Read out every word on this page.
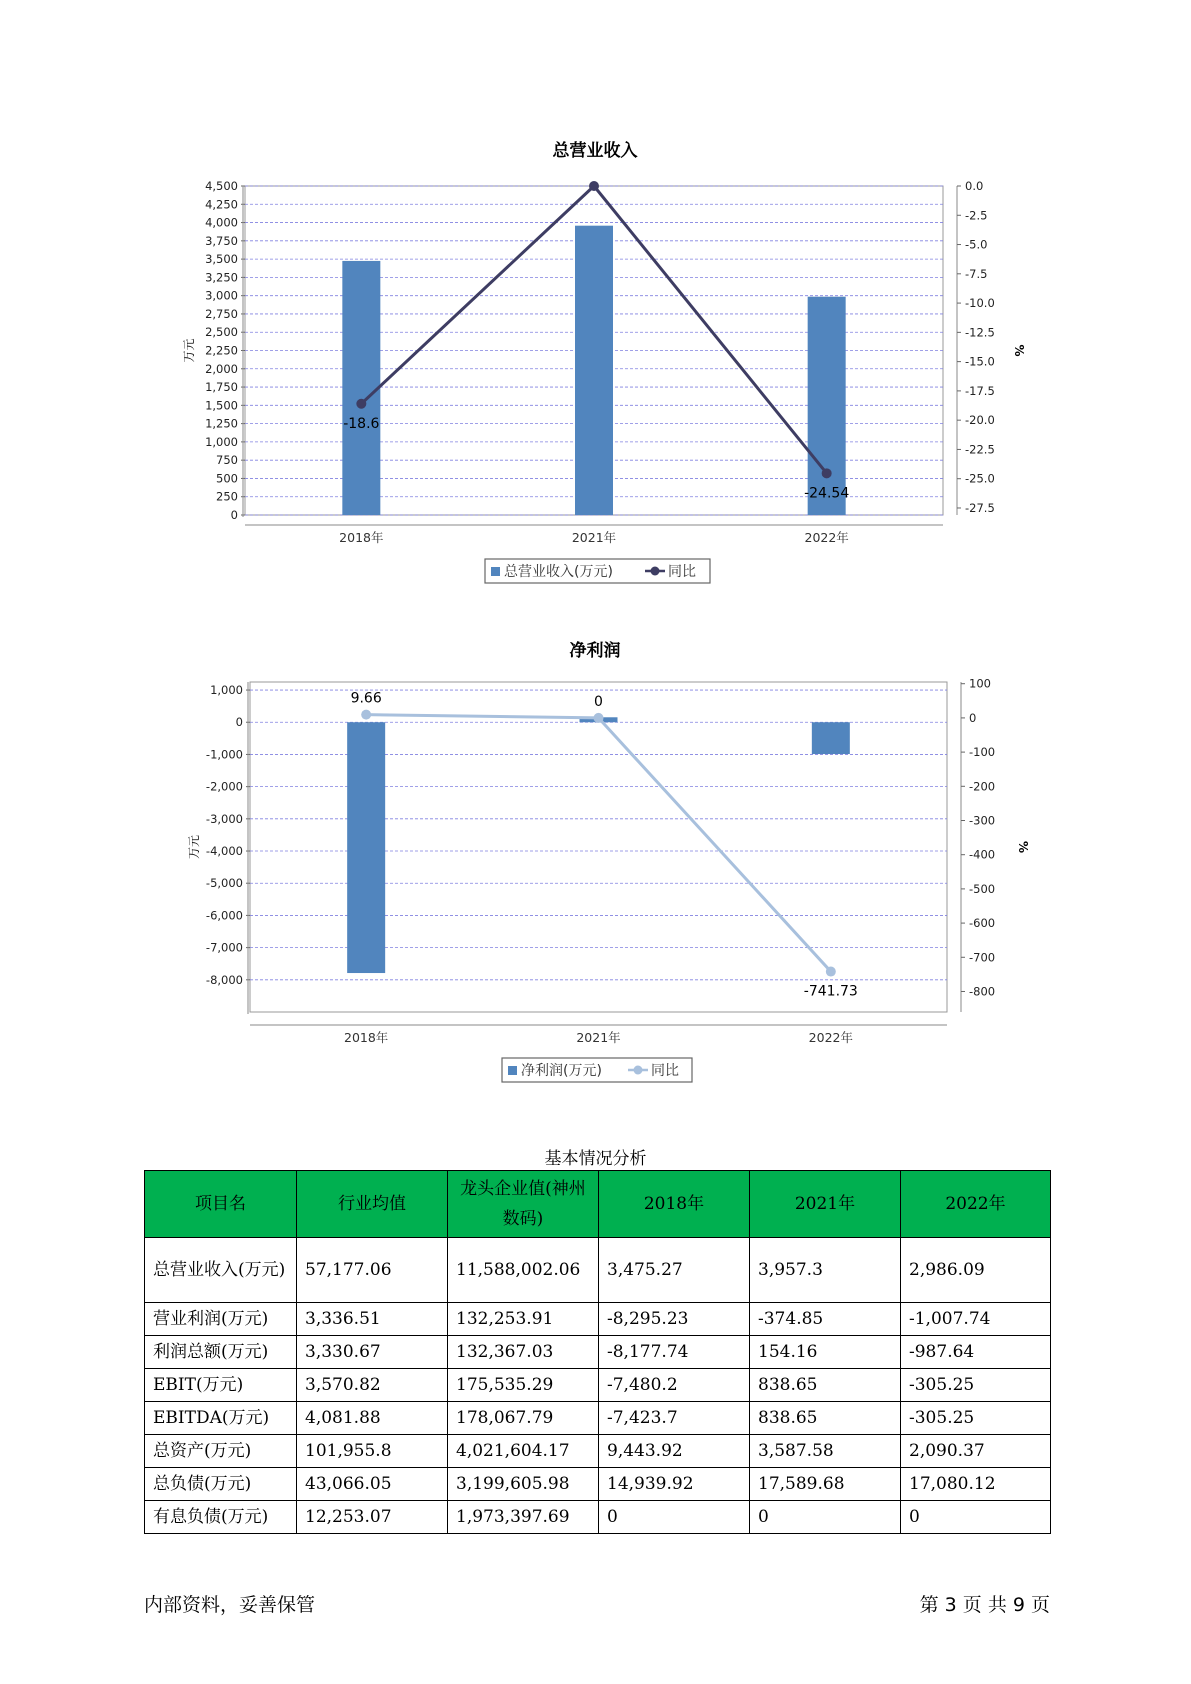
总营业收入
0
250
500
750
1,000
1,250
1,500
1,750
2,000
2,250
2,500
2,750
3,000
3,250
3,500
3,750
4,000
4,250
4,500
万元
0.0
-2.5
-5.0
-7.5
-10.0
-12.5
-15.0
-17.5
-20.0
-22.5
-25.0
-27.5
%
2018年	2021年	2022年
-18.6
-24.54
总营业收入(万元)	同比
净利润
1,000
0
-1,000
-2,000
-3,000
-4,000
-5,000
-6,000
-7,000
-8,000
万元
100
0
-100
-200
-300
-400
-500
-600
-700
-800
%
2018年	2021年	2022年
9.66	0
-741.73
净利润(万元)	同比
基本情况分析
项目名	行业均值	龙头企业值(神州数码)	2018年	2021年	2022年
总营业收入(万元)	57,177.06	11,588,002.06	3,475.27	3,957.3	2,986.09
营业利润(万元)	3,336.51	132,253.91	-8,295.23	-374.85	-1,007.74
利润总额(万元)	3,330.67	132,367.03	-8,177.74	154.16	-987.64
EBIT(万元)	3,570.82	175,535.29	-7,480.2	838.65	-305.25
EBITDA(万元)	4,081.88	178,067.79	-7,423.7	838.65	-305.25
总资产(万元)	101,955.8	4,021,604.17	9,443.92	3,587.58	2,090.37
总负债(万元)	43,066.05	3,199,605.98	14,939.92	17,589.68	17,080.12
有息负债(万元)	12,253.07	1,973,397.69	0	0	0
内部资料，妥善保管	第 3 页 共 9 页
